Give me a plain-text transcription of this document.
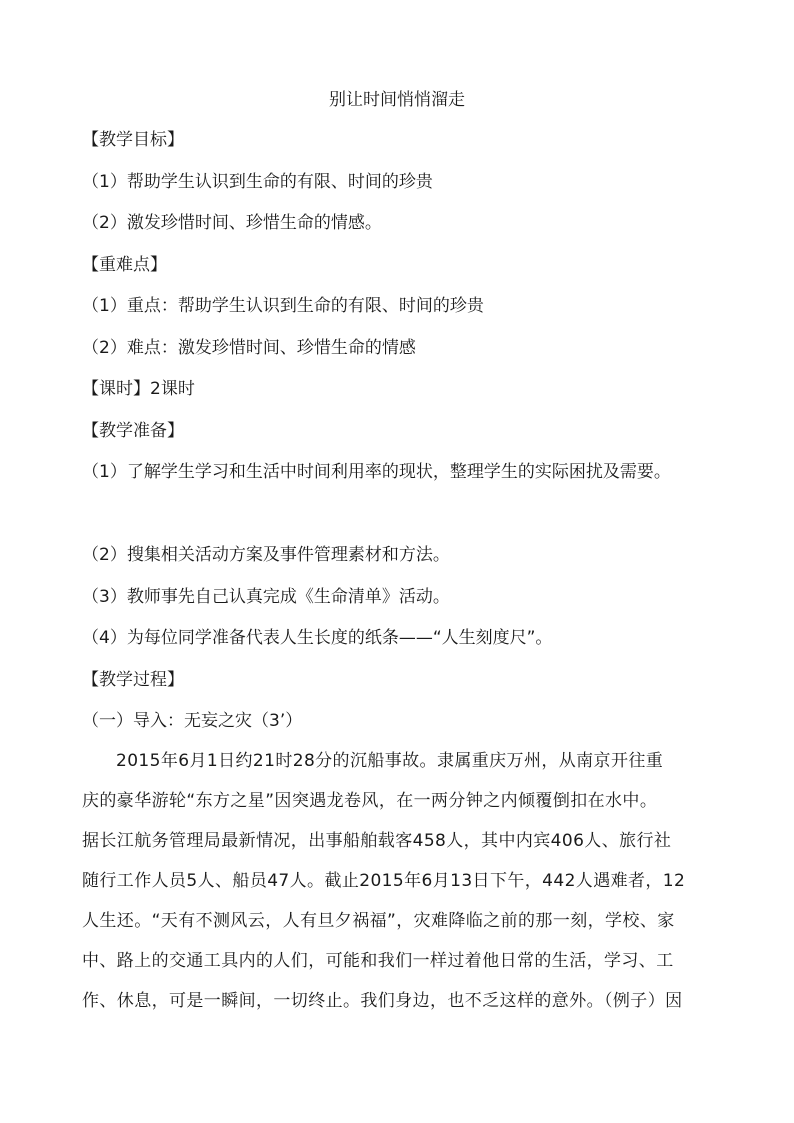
别让时间悄悄溜走
【教学目标】
（1）帮助学生认识到生命的有限、时间的珍贵
（2）激发珍惜时间、珍惜生命的情感。
【重难点】
（1）重点：帮助学生认识到生命的有限、时间的珍贵
（2）难点：激发珍惜时间、珍惜生命的情感
【课时】2课时
【教学准备】
（1）了解学生学习和生活中时间利用率的现状，整理学生的实际困扰及需要。
（2）搜集相关活动方案及事件管理素材和方法。
（3）教师事先自己认真完成《生命清单》活动。
（4）为每位同学准备代表人生长度的纸条——“人生刻度尺”。
【教学过程】
（一）导入：无妄之灾（3’）
2015年6月1日约21时28分的沉船事故。隶属重庆万州，从南京开往重
庆的豪华游轮“东方之星”因突遇龙卷风，在一两分钟之内倾覆倒扣在水中。
据长江航务管理局最新情况，出事船舶载客458人，其中内宾406人、旅行社
随行工作人员5人、船员47人。截止2015年6月13日下午，442人遇难者，12
人生还。“天有不测风云，人有旦夕祸福”，灾难降临之前的那一刻，学校、家
中、路上的交通工具内的人们，可能和我们一样过着他日常的生活，学习、工
作、休息，可是一瞬间，一切终止。我们身边，也不乏这样的意外。（例子）因
